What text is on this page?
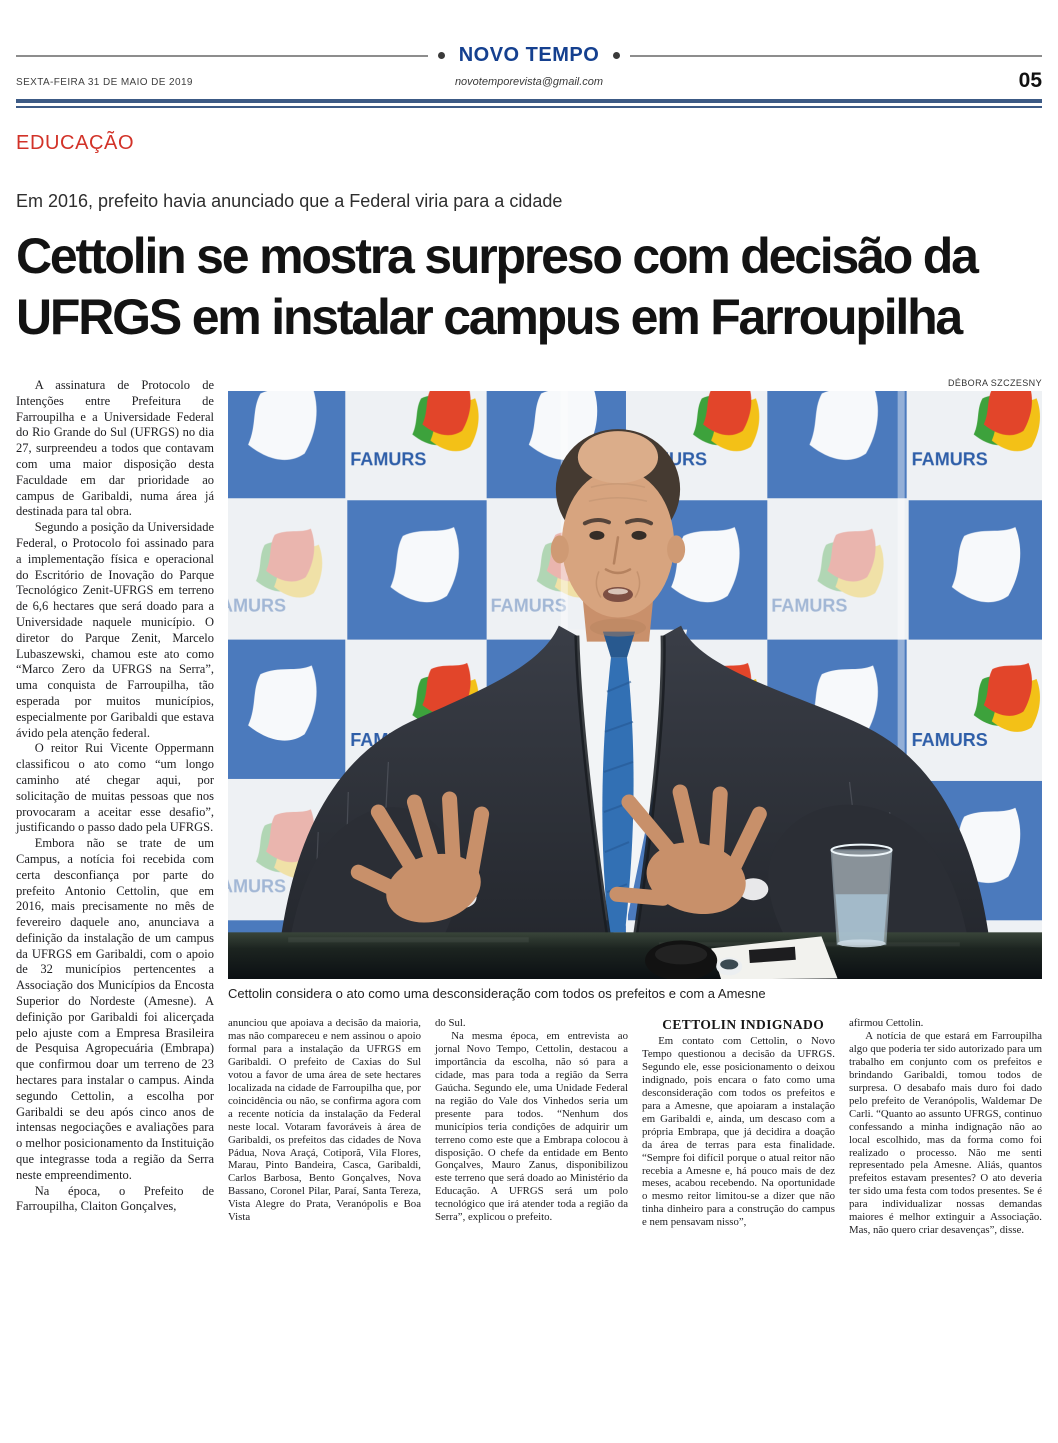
NOVO TEMPO
SEXTA-FEIRA 31 DE MAIO DE 2019	novotemporevista@gmail.com	05
EDUCAÇÃO
Em 2016, prefeito havia anunciado que a Federal viria para a cidade
Cettolin se mostra surpreso com decisão da
UFRGS em instalar campus em Farroupilha

A assinatura de Protocolo de Intenções entre Prefeitura de Farroupilha e a Universidade Federal do Rio Grande do Sul (UFRGS) no dia 27, surpreendeu a todos que contavam com uma maior disposição desta Faculdade em dar prioridade ao campus de Garibaldi, numa área já destinada para tal obra.

Segundo a posição da Universidade Federal, o Protocolo foi assinado para a implementação física e operacional do Escritório de Inovação do Parque Tecnológico Zenit-UFRGS em terreno de 6,6 hectares que será doado para a Universidade naquele município. O diretor do Parque Zenit, Marcelo Lubaszewski, chamou este ato como “Marco Zero da UFRGS na Serra”, uma conquista de Farroupilha, tão esperada por muitos municípios, especialmente por Garibaldi que estava ávido pela atenção federal.

O reitor Rui Vicente Oppermann classificou o ato como “um longo caminho até chegar aqui, por solicitação de muitas pessoas que nos provocaram a aceitar esse desafio”, justificando o passo dado pela UFRGS.

Embora não se trate de um Campus, a notícia foi recebida com certa desconfiança por parte do prefeito Antonio Cettolin, que em 2016, mais precisamente no mês de fevereiro daquele ano, anunciava a definição da instalação de um campus da UFRGS em Garibaldi, com o apoio de 32 municípios pertencentes a Associação dos Municípios da Encosta Superior do Nordeste (Amesne). A definição por Garibaldi foi alicerçada pelo ajuste com a Empresa Brasileira de Pesquisa Agropecuária (Embrapa) que confirmou doar um terreno de 23 hectares para instalar o campus. Ainda segundo Cettolin, a escolha por Garibaldi se deu após cinco anos de intensas negociações e avaliações para o melhor posicionamento da Instituição que integrasse toda a região da Serra neste empreendimento.

Na época, o Prefeito de Farroupilha, Claiton Gonçalves,

DÉBORA SZCZESNY
Cettolin considera o ato como uma desconsideração com todos os prefeitos e com a Amesne

anunciou que apoiava a decisão da maioria, mas não compareceu e nem assinou o apoio formal para a instalação da UFRGS em Garibaldi. O prefeito de Caxias do Sul votou a favor de uma área de sete hectares localizada na cidade de Farroupilha que, por coincidência ou não, se confirma agora com a recente notícia da instalação da Federal neste local. Votaram favoráveis à área de Garibaldi, os prefeitos das cidades de Nova Pádua, Nova Araçá, Cotiporã, Vila Flores, Marau, Pinto Bandeira, Casca, Garibaldi, Carlos Barbosa, Bento Gonçalves, Nova Bassano, Coronel Pilar, Paraí, Santa Tereza, Vista Alegre do Prata, Veranópolis e Boa Vista

do Sul.

Na mesma época, em entrevista ao jornal Novo Tempo, Cettolin, destacou a importância da escolha, não só para a cidade, mas para toda a região da Serra Gaúcha. Segundo ele, uma Unidade Federal na região do Vale dos Vinhedos seria um presente para todos. “Nenhum dos municípios teria condições de adquirir um terreno como este que a Embrapa colocou à disposição. O chefe da entidade em Bento Gonçalves, Mauro Zanus, disponibilizou este terreno que será doado ao Ministério da Educação. A UFRGS será um polo tecnológico que irá atender toda a região da Serra”, explicou o prefeito.

CETTOLIN INDIGNADO

Em contato com Cettolin, o Novo Tempo questionou a decisão da UFRGS. Segundo ele, esse posicionamento o deixou indignado, pois encara o fato como uma desconsideração com todos os prefeitos e para a Amesne, que apoiaram a instalação em Garibaldi e, ainda, um descaso com a própria Embrapa, que já decidira a doação da área de terras para esta finalidade. “Sempre foi difícil porque o atual reitor não recebia a Amesne e, há pouco mais de dez meses, acabou recebendo. Na oportunidade o mesmo reitor limitou-se a dizer que não tinha dinheiro para a construção do campus e nem pensavam nisso”,

afirmou Cettolin.

A notícia de que estará em Farroupilha algo que poderia ter sido autorizado para um trabalho em conjunto com os prefeitos e brindando Garibaldi, tomou todos de surpresa. O desabafo mais duro foi dado pelo prefeito de Veranópolis, Waldemar De Carli. “Quanto ao assunto UFRGS, continuo confessando a minha indignação não ao local escolhido, mas da forma como foi realizado o processo. Não me senti representado pela Amesne. Aliás, quantos prefeitos estavam presentes? O ato deveria ter sido uma festa com todos presentes. Se é para individualizar nossas demandas maiores é melhor extinguir a Associação. Mas, não quero criar desavenças”, disse.
